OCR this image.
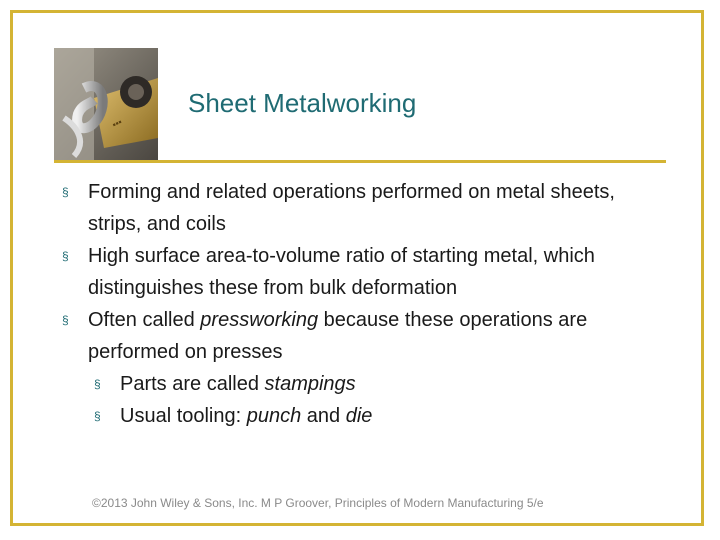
▪▪▪
Sheet Metalworking
§ Forming and related operations performed on metal sheets, strips, and coils
§ High surface area‑to‑volume ratio of starting metal, which distinguishes these from bulk deformation
§ Often called pressworking because these operations are performed on presses
§ Parts are called stampings
§ Usual tooling: punch and die
©2013 John Wiley & Sons, Inc. M P Groover, Principles of Modern Manufacturing 5/e
